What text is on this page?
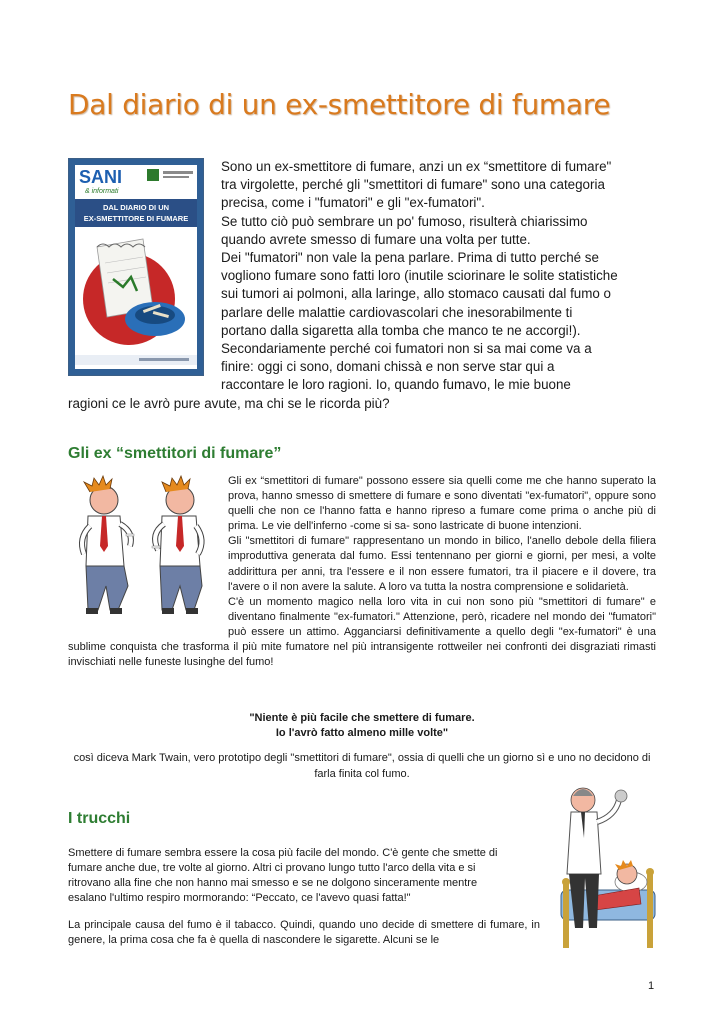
Dal diario di un ex-smettitore di fumare
SANI
& informati
DAL DIARIO DI UN
EX-SMETTITORE DI FUMARE
Sono un ex-smettitore di fumare, anzi un ex “smettitore di fumare"
tra virgolette, perché gli "smettitori di fumare" sono una categoria
precisa, come i "fumatori" e gli "ex-fumatori".
Se tutto ciò può sembrare un po' fumoso, risulterà chiarissimo
quando avrete smesso di fumare una volta per tutte.
Dei "fumatori" non vale la pena parlare. Prima di tutto perché se
vogliono fumare sono fatti loro (inutile sciorinare le solite statistiche
sui tumori ai polmoni, alla laringe, allo stomaco causati dal fumo o
parlare delle malattie cardiovascolari che inesorabilmente ti
portano dalla sigaretta alla tomba che manco te ne accorgi!).
Secondariamente perché coi fumatori non si sa mai come va a
finire: oggi ci sono, domani chissà e non serve star qui a
raccontare le loro ragioni. Io, quando fumavo, le mie buone
ragioni ce le avrò pure avute, ma chi se le ricorda più?
Gli ex “smettitori di fumare”
Gli ex “smettitori di fumare" possono essere sia quelli come me che hanno superato la prova, hanno smesso di smettere di fumare e sono diventati "ex-fumatori", oppure sono quelli che non ce l'hanno fatta e hanno ripreso a fumare come prima o anche più di prima. Le vie dell'inferno -come si sa- sono lastricate di buone intenzioni.
Gli "smettitori di fumare" rappresentano un mondo in bilico, l'anello debole della filiera improduttiva generata dal fumo. Essi tentennano per giorni e giorni, per mesi, a volte addirittura per anni, tra l'essere e il non essere fumatori, tra il piacere e il dovere, tra l'avere o il non avere la salute. A loro va tutta la nostra comprensione e solidarietà.
C'è un momento magico nella loro vita in cui non sono più "smettitori di fumare" e diventano finalmente "ex-fumatori." Attenzione, però, ricadere nel mondo dei "fumatori" può essere un attimo. Agganciarsi definitivamente a quello degli "ex-fumatori" è una sublime conquista che trasforma il più mite fumatore nel più intransigente rottweiler nei confronti dei disgraziati rimasti invischiati nelle funeste lusinghe del fumo!
"Niente è più facile che smettere di fumare.
Io l'avrò fatto almeno mille volte"
così diceva Mark Twain, vero prototipo degli "smettitori di fumare", ossia di quelli che un giorno sì e uno no decidono di farla finita col fumo.
I trucchi
Smettere di fumare sembra essere la cosa più facile del mondo. C'è gente che smette di
fumare anche due, tre volte al giorno. Altri ci provano lungo tutto l'arco della vita e si
ritrovano alla fine che non hanno mai smesso e se ne dolgono sinceramente mentre
esalano l'ultimo respiro mormorando: “Peccato, ce l'avevo quasi fatta!"
La principale causa del fumo è il tabacco. Quindi, quando uno decide di smettere di fumare, in genere, la prima cosa che fa è quella di nascondere le sigarette. Alcuni se le
1
